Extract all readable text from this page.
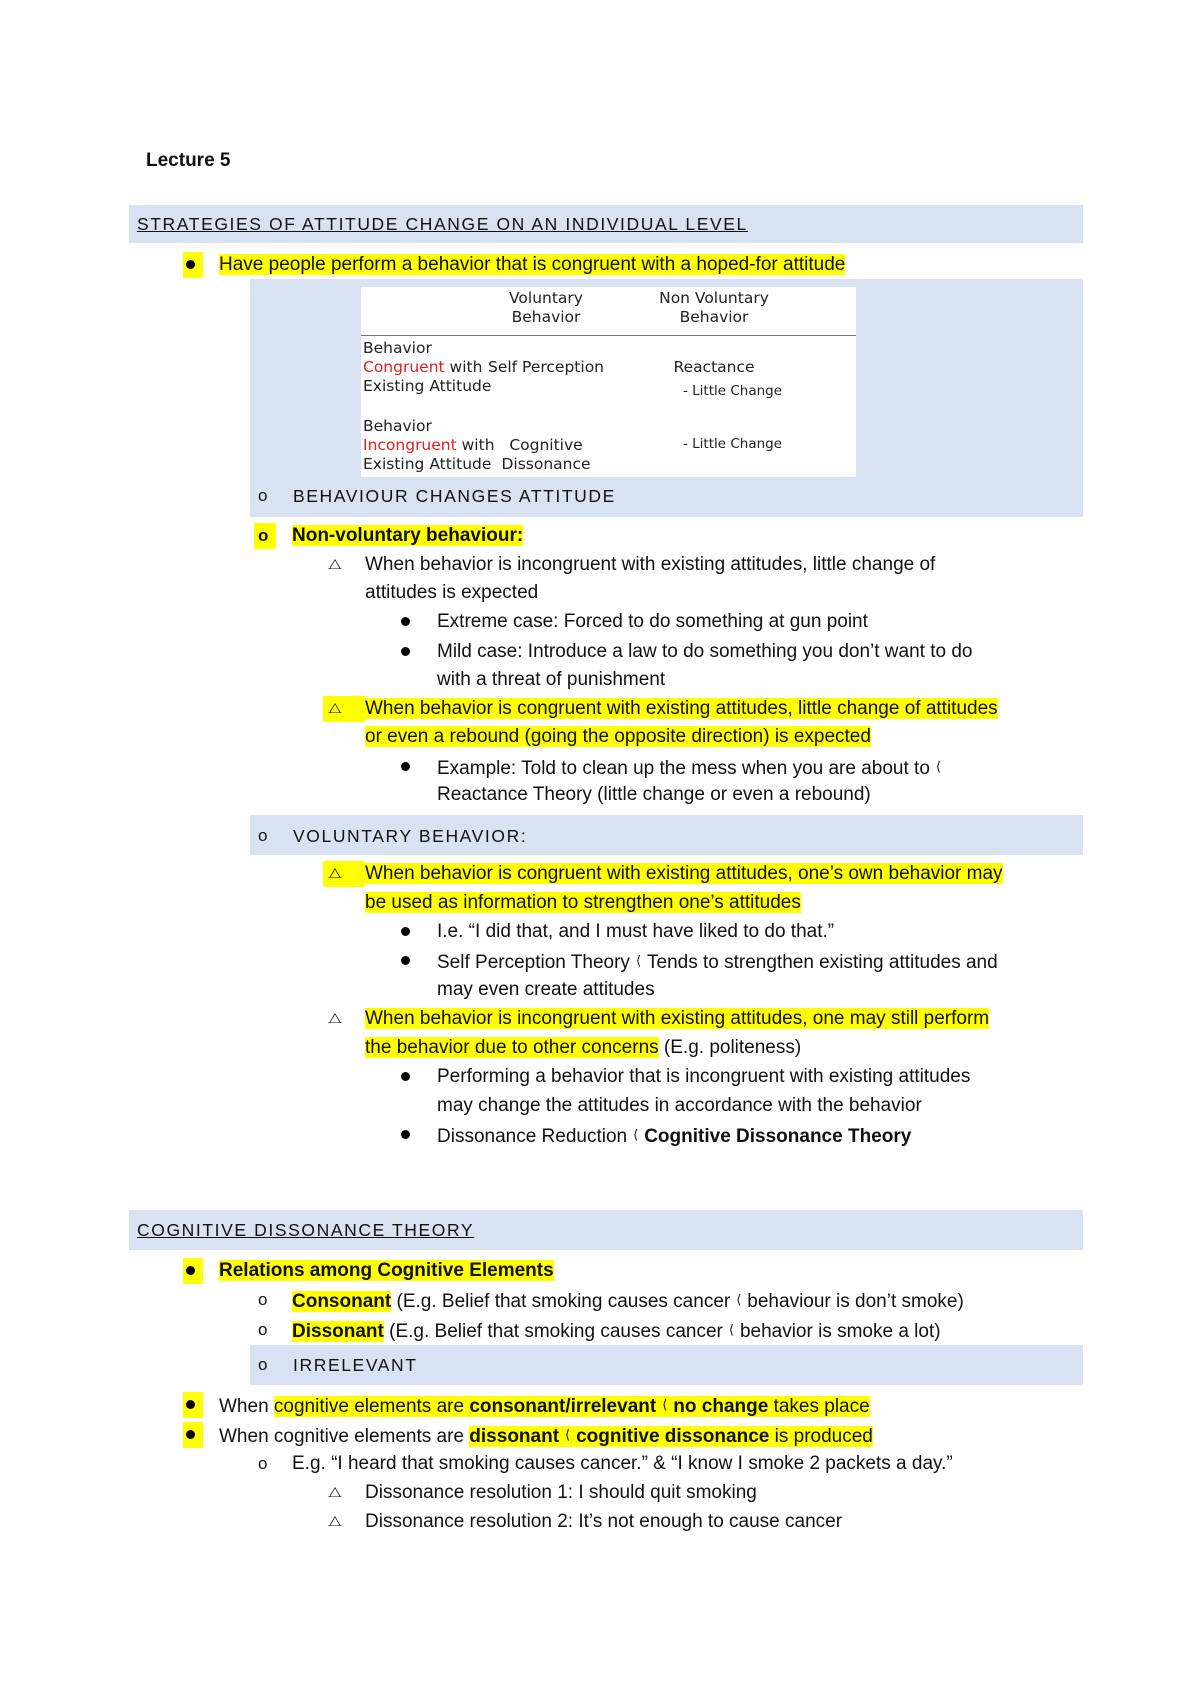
Lecture 5
STRATEGIES OF ATTITUDE CHANGE ON AN INDIVIDUAL LEVEL
Have people perform a behavior that is congruent with a hoped-for attitude
Voluntary
Behavior
Non Voluntary
Behavior
Behavior
Congruent with
Existing Attitude
Self Perception	Reactance
- Little Change
Behavior
Incongruent with
Existing Attitude
Cognitive
Dissonance
- Little Change
o BEHAVIOUR CHANGES ATTITUDE
o Non-voluntary behaviour:
⧍ When behavior is incongruent with existing attitudes, little change of
attitudes is expected
Extreme case: Forced to do something at gun point
Mild case: Introduce a law to do something you don’t want to do
with a threat of punishment
⧍ When behavior is congruent with existing attitudes, little change of attitudes
or even a rebound (going the opposite direction) is expected
Example: Told to clean up the mess when you are about to ⟨
Reactance Theory (little change or even a rebound)
o VOLUNTARY BEHAVIOR:
⧍ When behavior is congruent with existing attitudes, one’s own behavior may
be used as information to strengthen one’s attitudes
I.e. “I did that, and I must have liked to do that.”
Self Perception Theory ⟨ Tends to strengthen existing attitudes and
may even create attitudes
⧍ When behavior is incongruent with existing attitudes, one may still perform
the behavior due to other concerns (E.g. politeness)
Performing a behavior that is incongruent with existing attitudes
may change the attitudes in accordance with the behavior
Dissonance Reduction ⟨ Cognitive Dissonance Theory
COGNITIVE DISSONANCE THEORY
Relations among Cognitive Elements
o Consonant (E.g. Belief that smoking causes cancer ⟨ behaviour is don’t smoke)
o Dissonant (E.g. Belief that smoking causes cancer ⟨ behavior is smoke a lot)
o IRRELEVANT
When cognitive elements are consonant/irrelevant ⟨ no change takes place
When cognitive elements are dissonant ⟨ cognitive dissonance is produced
o E.g. “I heard that smoking causes cancer.” & “I know I smoke 2 packets a day.”
⧍ Dissonance resolution 1: I should quit smoking
⧍ Dissonance resolution 2: It’s not enough to cause cancer
